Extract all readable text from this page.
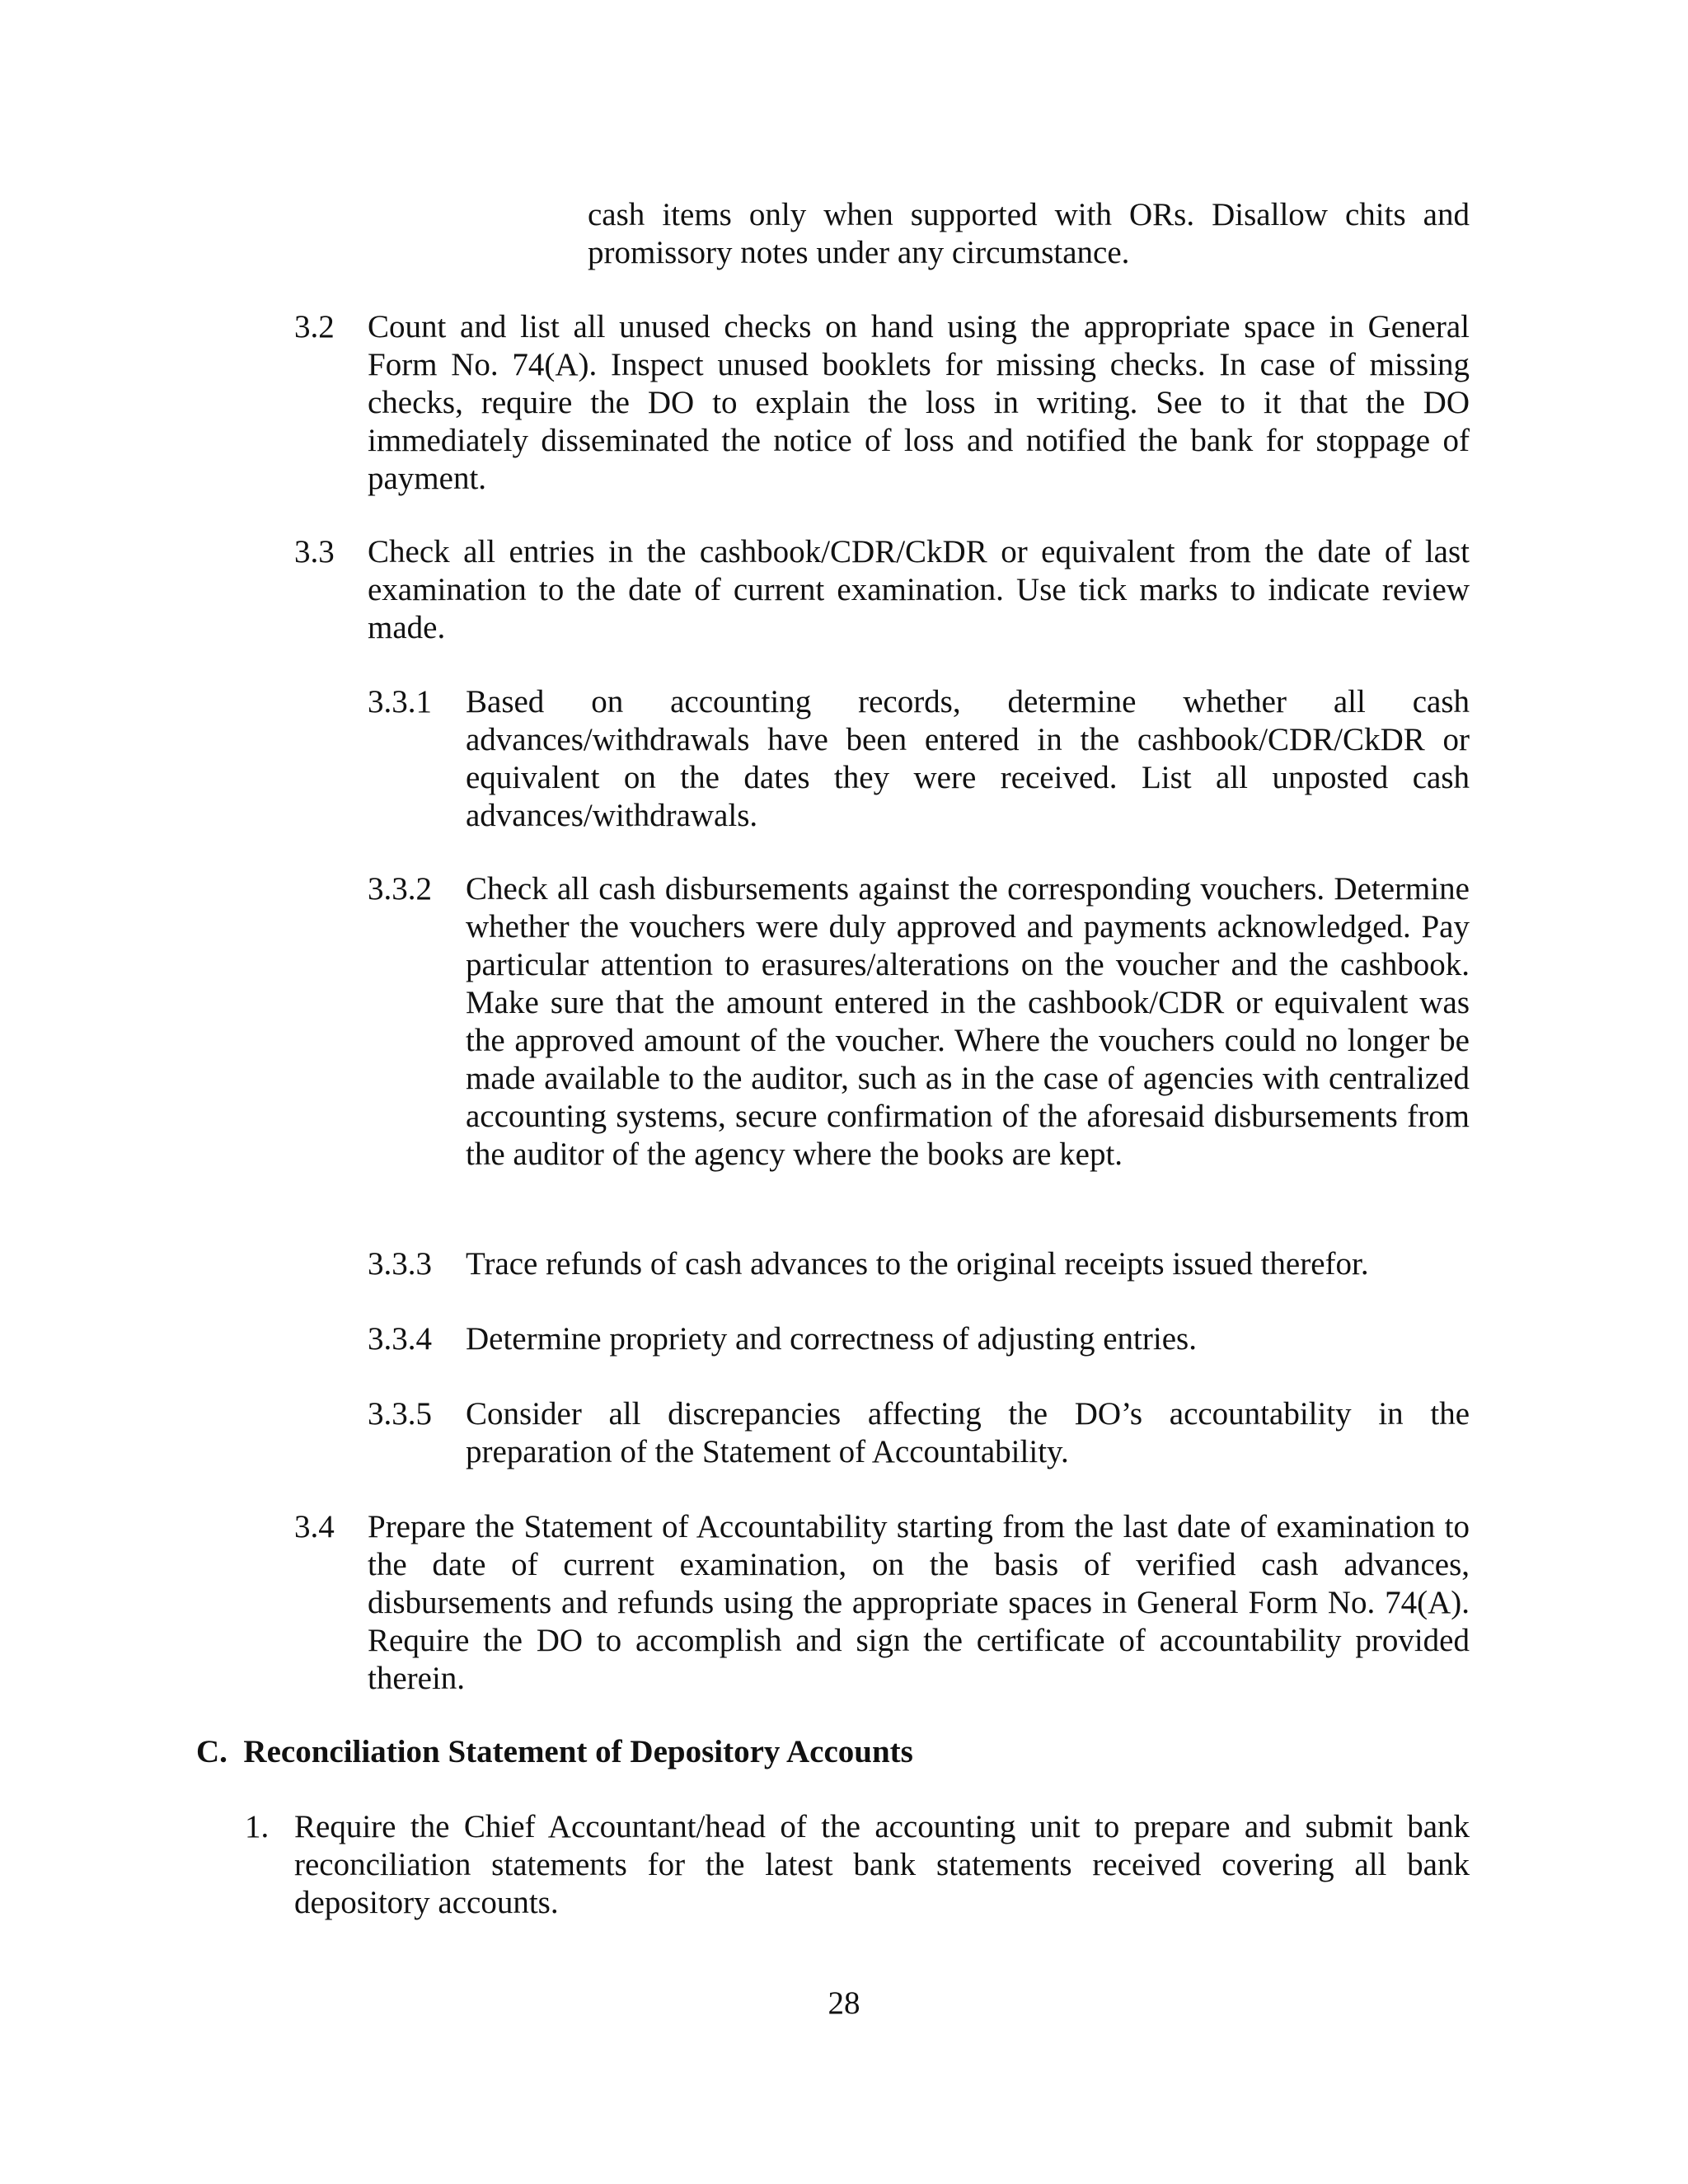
cash items only when supported with ORs. Disallow chits and promissory notes under any circumstance.

3.2 Count and list all unused checks on hand using the appropriate space in General Form No. 74(A). Inspect unused booklets for missing checks. In case of missing checks, require the DO to explain the loss in writing. See to it that the DO immediately disseminated the notice of loss and notified the bank for stoppage of payment.

3.3 Check all entries in the cashbook/CDR/CkDR or equivalent from the date of last examination to the date of current examination. Use tick marks to indicate review made.

3.3.1 Based on accounting records, determine whether all cash advances/withdrawals have been entered in the cashbook/CDR/CkDR or equivalent on the dates they were received. List all unposted cash advances/withdrawals.

3.3.2 Check all cash disbursements against the corresponding vouchers. Determine whether the vouchers were duly approved and payments acknowledged. Pay particular attention to erasures/alterations on the voucher and the cashbook. Make sure that the amount entered in the cashbook/CDR or equivalent was the approved amount of the voucher. Where the vouchers could no longer be made available to the auditor, such as in the case of agencies with centralized accounting systems, secure confirmation of the aforesaid disbursements from the auditor of the agency where the books are kept.

3.3.3 Trace refunds of cash advances to the original receipts issued therefor.

3.3.4 Determine propriety and correctness of adjusting entries.

3.3.5 Consider all discrepancies affecting the DO’s accountability in the preparation of the Statement of Accountability.

3.4 Prepare the Statement of Accountability starting from the last date of examination to the date of current examination, on the basis of verified cash advances, disbursements and refunds using the appropriate spaces in General Form No. 74(A). Require the DO to accomplish and sign the certificate of accountability provided therein.

C.  Reconciliation Statement of Depository Accounts
1. Require the Chief Accountant/head of the accounting unit to prepare and submit bank reconciliation statements for the latest bank statements received covering all bank depository accounts.

28
